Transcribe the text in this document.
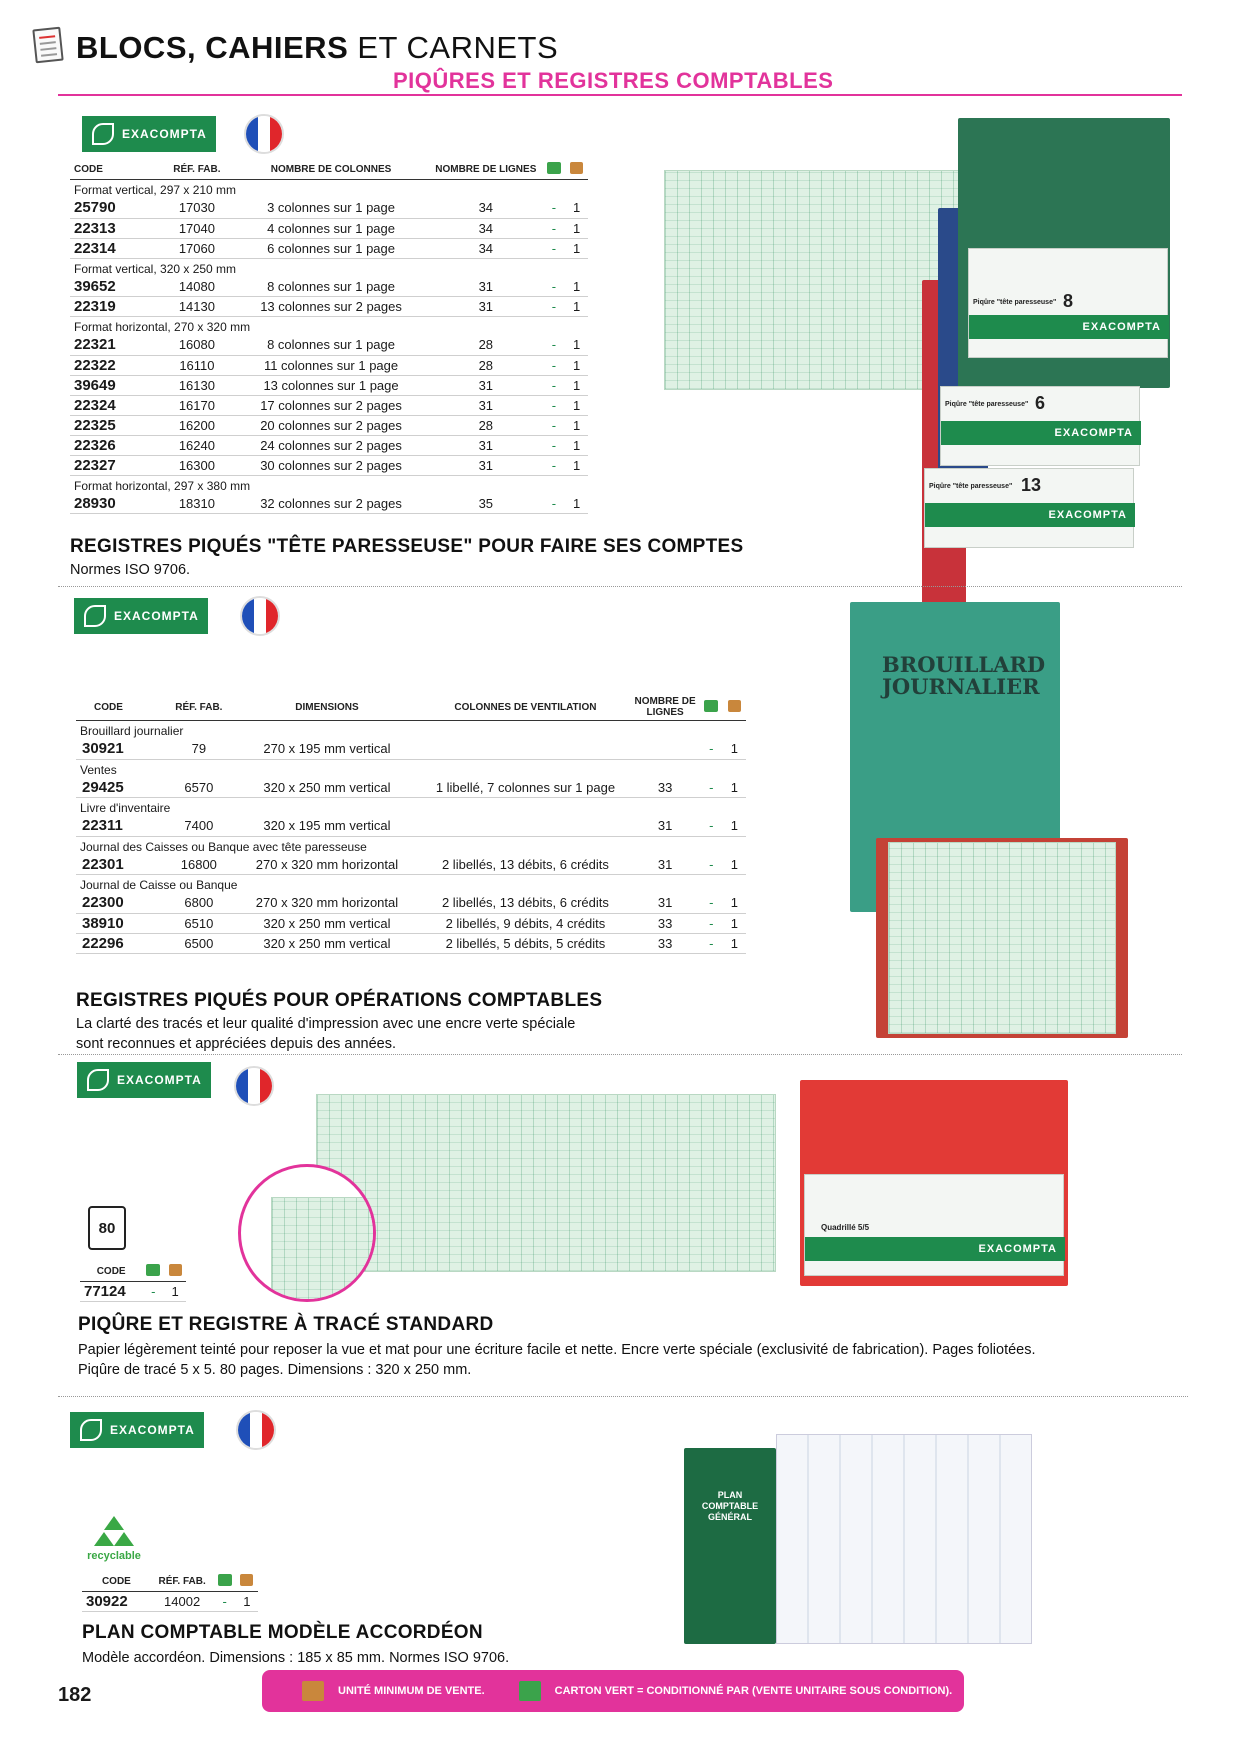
BLOCS, CAHIERS ET CARNETS
PIQÛRES ET REGISTRES COMPTABLES
EXACOMPTA
CODE	RÉF. FAB.	NOMBRE DE COLONNES	NOMBRE DE LIGNES		
Format vertical, 297 x 210 mm					
25790	17030	3 colonnes sur 1 page	34	-	1
22313	17040	4 colonnes sur 1 page	34	-	1
22314	17060	6 colonnes sur 1 page	34	-	1
Format vertical, 320 x 250 mm					
39652	14080	8 colonnes sur 1 page	31	-	1
22319	14130	13 colonnes sur 2 pages	31	-	1
Format horizontal, 270 x 320 mm					
22321	16080	8 colonnes sur 1 page	28	-	1
22322	16110	11 colonnes sur 1 page	28	-	1
39649	16130	13 colonnes sur 1 page	31	-	1
22324	16170	17 colonnes sur 2 pages	31	-	1
22325	16200	20 colonnes sur 2 pages	28	-	1
22326	16240	24 colonnes sur 2 pages	31	-	1
22327	16300	30 colonnes sur 2 pages	31	-	1
Format horizontal, 297 x 380 mm					
28930	18310	32 colonnes sur 2 pages	35	-	1
REGISTRES PIQUÉS "TÊTE PARESSEUSE" POUR FAIRE SES COMPTES
Normes ISO 9706.
Piqûre "tête paresseuse" 8
EXACOMPTA
Piqûre "tête paresseuse" 6
EXACOMPTA
Piqûre "tête paresseuse" 13
EXACOMPTA
EXACOMPTA
CODE	RÉF. FAB.	DIMENSIONS	COLONNES DE VENTILATION	NOMBRE DE LIGNES		
Brouillard journalier						
30921	79	270 x 195 mm vertical			-	1
Ventes						
29425	6570	320 x 250 mm vertical	1 libellé, 7 colonnes sur 1 page	33	-	1
Livre d'inventaire						
22311	7400	320 x 195 mm vertical		31	-	1
Journal des Caisses ou Banque avec tête paresseuse						
22301	16800	270 x 320 mm horizontal	2 libellés, 13 débits, 6 crédits	31	-	1
Journal de Caisse ou Banque						
22300	6800	270 x 320 mm horizontal	2 libellés, 13 débits, 6 crédits	31	-	1
38910	6510	320 x 250 mm vertical	2 libellés, 9 débits, 4 crédits	33	-	1
22296	6500	320 x 250 mm vertical	2 libellés, 5 débits, 5 crédits	33	-	1
REGISTRES PIQUÉS POUR OPÉRATIONS COMPTABLES
La clarté des tracés et leur qualité d'impression avec une encre verte spéciale
sont reconnues et appréciées depuis des années.
BROUILLARD
JOURNALIER
EXACOMPTA
80
CODE		
77124	-	1
Quadrillé 5/5
EXACOMPTA
PIQÛRE ET REGISTRE À TRACÉ STANDARD
Papier légèrement teinté pour reposer la vue et mat pour une écriture facile et nette. Encre verte spéciale (exclusivité de fabrication). Pages foliotées.
Piqûre de tracé 5 x 5. 80 pages. Dimensions : 320 x 250 mm.
EXACOMPTA
recyclable
CODE	RÉF. FAB.		
30922	14002	-	1
PLAN COMPTABLE MODÈLE ACCORDÉON
Modèle accordéon. Dimensions : 185 x 85 mm. Normes ISO 9706.
PLAN COMPTABLE GÉNÉRAL
182	UNITÉ MINIMUM DE VENTE.	CARTON VERT = CONDITIONNÉ PAR (VENTE UNITAIRE SOUS CONDITION).
